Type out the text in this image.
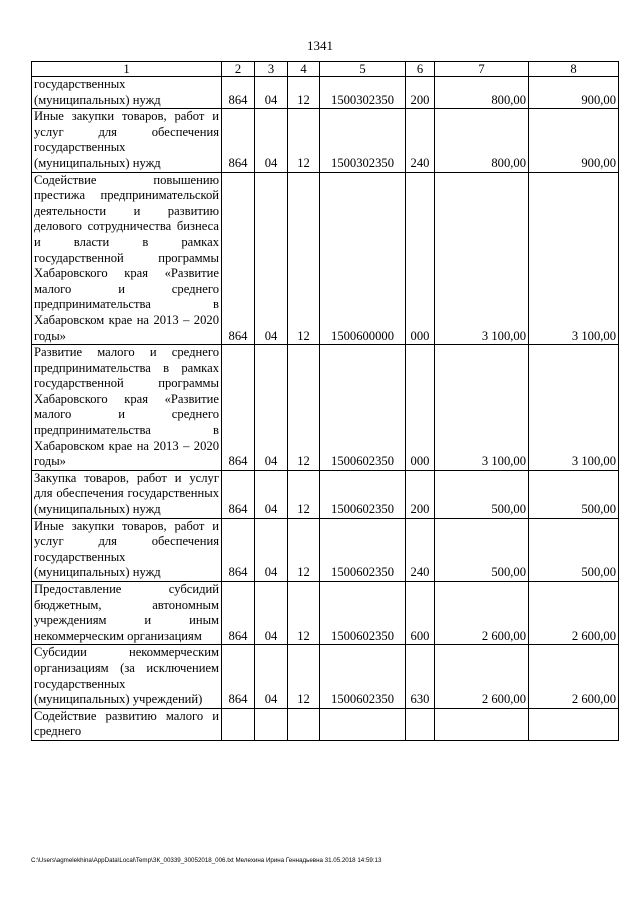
1341
1	2	3	4	5	6	7	8
государственных (муниципальных) нужд	864	04	12	1500302350	200	800,00	900,00
Иные закупки товаров, работ и услуг для обеспечения государственных (муниципальных) нужд	864	04	12	1500302350	240	800,00	900,00
Содействие повышению престижа предпринимательской деятельности и развитию делового сотрудничества бизнеса и власти в рамках государственной программы Хабаровского края «Развитие малого и среднего предпринимательства в Хабаровском крае на 2013 – 2020 годы»	864	04	12	1500600000	000	3 100,00	3 100,00
Развитие малого и среднего предпринимательства в рамках государственной программы Хабаровского края «Развитие малого и среднего предпринимательства в Хабаровском крае на 2013 – 2020 годы»	864	04	12	1500602350	000	3 100,00	3 100,00
Закупка товаров, работ и услуг для обеспечения государственных (муниципальных) нужд	864	04	12	1500602350	200	500,00	500,00
Иные закупки товаров, работ и услуг для обеспечения государственных (муниципальных) нужд	864	04	12	1500602350	240	500,00	500,00
Предоставление субсидий бюджетным, автономным учреждениям и иным некоммерческим организациям	864	04	12	1500602350	600	2 600,00	2 600,00
Субсидии некоммерческим организациям (за исключением государственных (муниципальных) учреждений)	864	04	12	1500602350	630	2 600,00	2 600,00
Содействие развитию малого и среднего							
C:\Users\agmelekhina\AppData\Local\Temp\ЗК_00339_30052018_006.txt Мелехина Ирина Геннадьевна 31.05.2018 14:59:13
